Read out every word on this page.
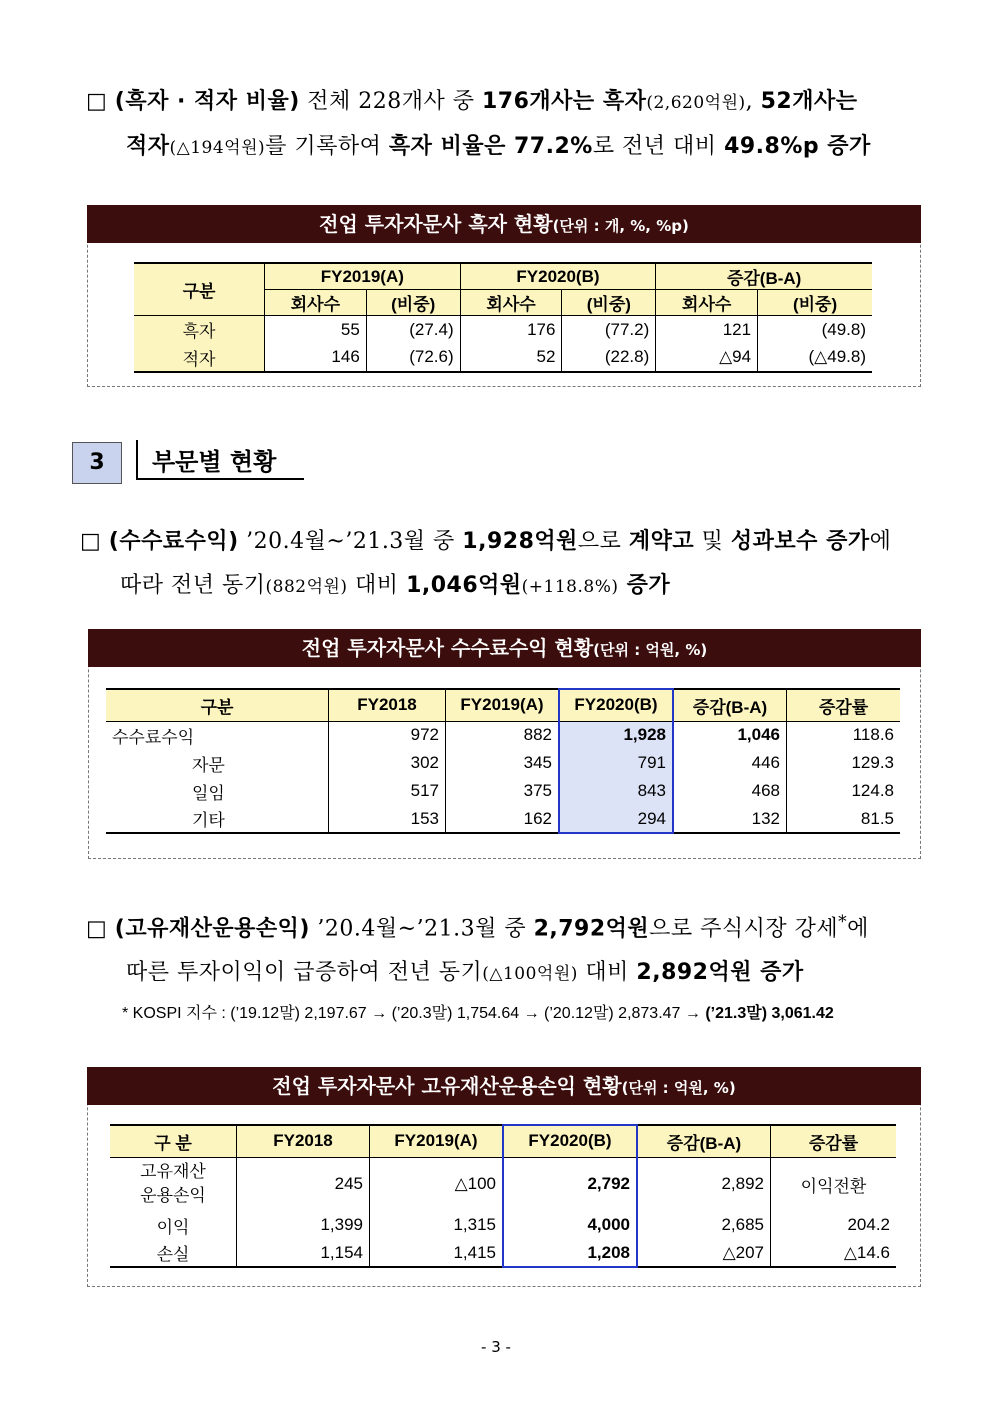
□ (흑자 · 적자 비율) 전체 228개사 중 176개사는 흑자(2,620억원), 52개사는
적자(△194억원)를 기록하여 흑자 비율은 77.2%로 전년 대비 49.8%p 증가
전업 투자자문사 흑자 현황(단위 : 개, %, %p)
구분	FY2019(A)		FY2020(B)		증감(B-A)	
	회사수	(비중)	회사수	(비중)	회사수	(비중)
흑자	55	(27.4)	176	(77.2)	121	(49.8)
적자	146	(72.6)	52	(22.8)	△94	(△49.8)
3	부문별 현황
□ (수수료수익) ’20.4월~’21.3월 중 1,928억원으로 계약고 및 성과보수 증가에
따라 전년 동기(882억원) 대비 1,046억원(+118.8%) 증가
전업 투자자문사 수수료수익 현황(단위 : 억원, %)
구분	FY2018	FY2019(A)	FY2020(B)	증감(B-A)	증감률
수수료수익	972	882	1,928	1,046	118.6
자문	302	345	791	446	129.3
일임	517	375	843	468	124.8
기타	153	162	294	132	81.5
□ (고유재산운용손익) ’20.4월~’21.3월 중 2,792억원으로 주식시장 강세*에
따른 투자이익이 급증하여 전년 동기(△100억원) 대비 2,892억원 증가
* KOSPI 지수 : (’19.12말) 2,197.67 → (’20.3말) 1,754.64 → (’20.12말) 2,873.47 → (’21.3말) 3,061.42
전업 투자자문사 고유재산운용손익 현황(단위 : 억원, %)
구 분	FY2018	FY2019(A)	FY2020(B)	증감(B-A)	증감률
고유재산
운용손익	245	△100	2,792	2,892	이익전환
이익	1,399	1,315	4,000	2,685	204.2
손실	1,154	1,415	1,208	△207	△14.6
- 3 -
